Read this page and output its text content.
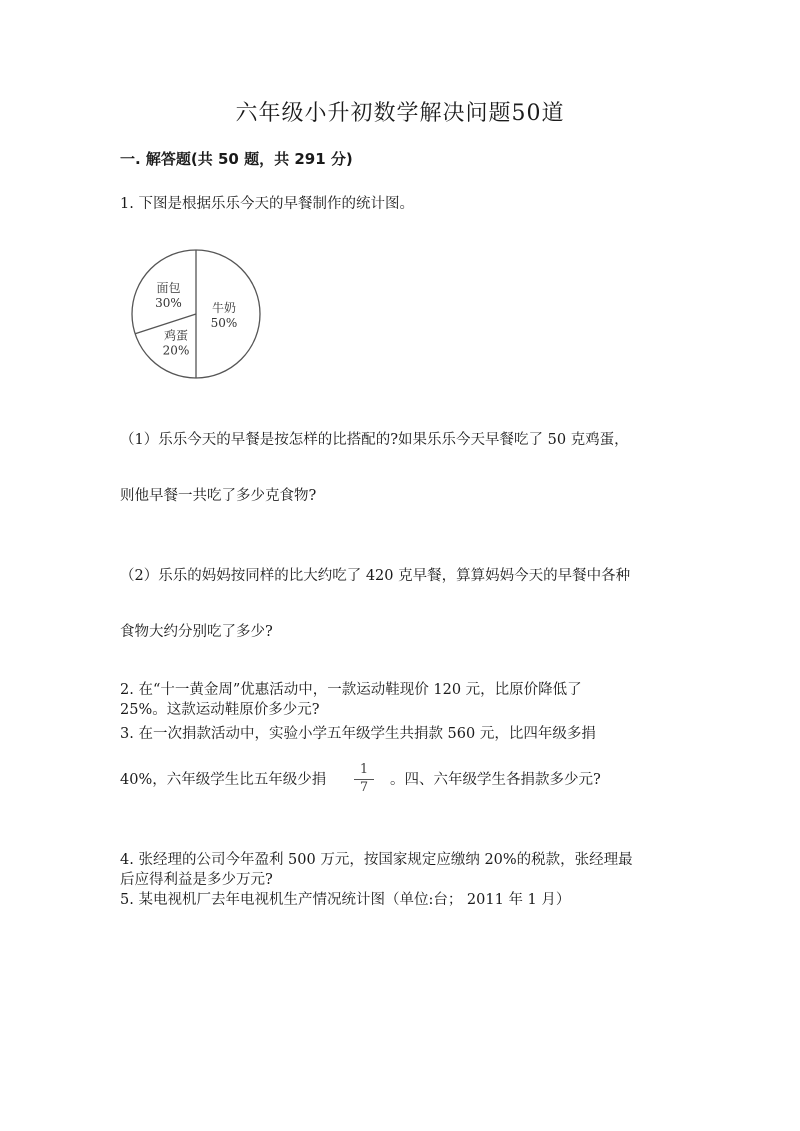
六年级小升初数学解决问题50道
一. 解答题(共 50 题，共 291 分)
1. 下图是根据乐乐今天的早餐制作的统计图。
牛奶
50%
面包
30%
鸡蛋
20%
（1）乐乐今天的早餐是按怎样的比搭配的?如果乐乐今天早餐吃了 50 克鸡蛋，
则他早餐一共吃了多少克食物?
（2）乐乐的妈妈按同样的比大约吃了 420 克早餐，算算妈妈今天的早餐中各种
食物大约分别吃了多少?
2. 在“十一黄金周”优惠活动中，一款运动鞋现价 120 元，比原价降低了
25%。这款运动鞋原价多少元?
3. 在一次捐款活动中，实验小学五年级学生共捐款 560 元，比四年级多捐
40%，六年级学生比五年级少捐 $\frac{1}{7}$ 。四、六年级学生各捐款多少元?
4. 张经理的公司今年盈利 500 万元，按国家规定应缴纳 20%的税款，张经理最
后应得利益是多少万元?
5. 某电视机厂去年电视机生产情况统计图（单位:台； 2011 年 1 月）
